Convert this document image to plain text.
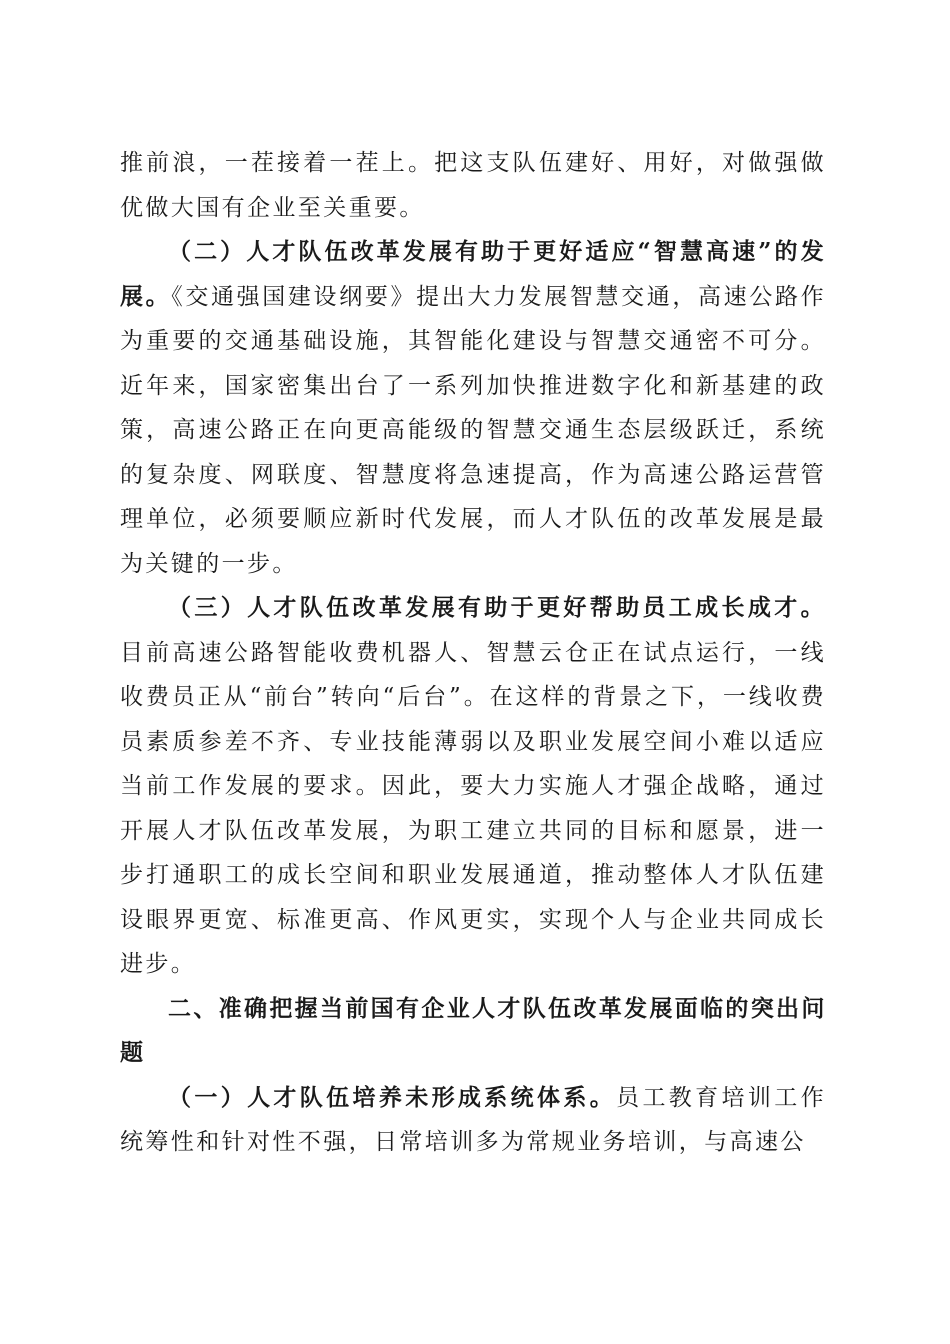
推前浪，一茬接着一茬上。把这支队伍建好、用好，对做强做优做大国有企业至关重要。

（二）人才队伍改革发展有助于更好适应“智慧高速”的发展。《交通强国建设纲要》提出大力发展智慧交通，高速公路作为重要的交通基础设施，其智能化建设与智慧交通密不可分。近年来，国家密集出台了一系列加快推进数字化和新基建的政策，高速公路正在向更高能级的智慧交通生态层级跃迁，系统的复杂度、网联度、智慧度将急速提高，作为高速公路运营管理单位，必须要顺应新时代发展，而人才队伍的改革发展是最为关键的一步。

（三）人才队伍改革发展有助于更好帮助员工成长成才。目前高速公路智能收费机器人、智慧云仓正在试点运行，一线收费员正从“前台”转向“后台”。在这样的背景之下，一线收费员素质参差不齐、专业技能薄弱以及职业发展空间小难以适应当前工作发展的要求。因此，要大力实施人才强企战略，通过开展人才队伍改革发展，为职工建立共同的目标和愿景，进一步打通职工的成长空间和职业发展通道，推动整体人才队伍建设眼界更宽、标准更高、作风更实，实现个人与企业共同成长进步。

二、准确把握当前国有企业人才队伍改革发展面临的突出问题

（一）人才队伍培养未形成系统体系。员工教育培训工作统筹性和针对性不强，日常培训多为常规业务培训，与高速公
